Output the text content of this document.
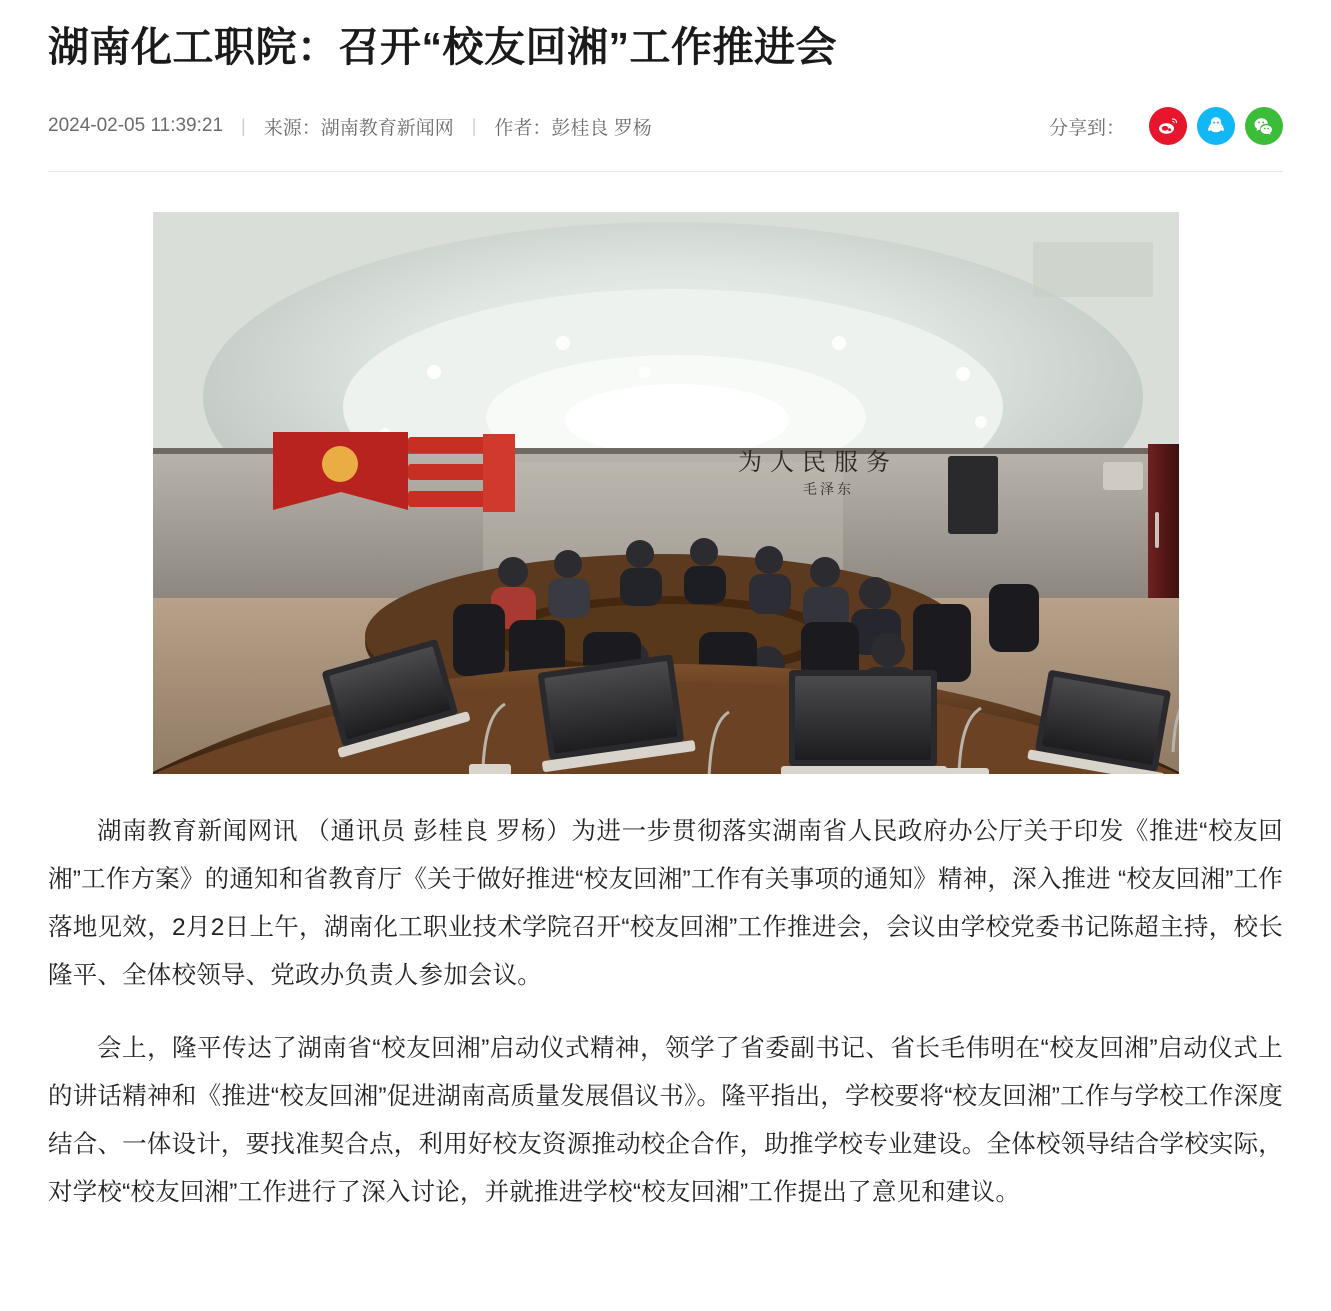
湖南化工职院：召开“校友回湘”工作推进会
2024-02-05 11:39:21 | 来源：湖南教育新闻网 | 作者：彭桂良 罗杨	分享到：
为人民服务
毛泽东

湖南教育新闻网讯 （通讯员 彭桂良 罗杨）为进一步贯彻落实湖南省人民政府办公厅关于印发《推进“校友回湘”工作方案》的通知和省教育厅《关于做好推进“校友回湘”工作有关事项的通知》精神，深入推进 “校友回湘”工作落地见效，2月2日上午，湖南化工职业技术学院召开“校友回湘”工作推进会，会议由学校党委书记陈超主持，校长隆平、全体校领导、党政办负责人参加会议。

会上，隆平传达了湖南省“校友回湘”启动仪式精神，领学了省委副书记、省长毛伟明在“校友回湘”启动仪式上的讲话精神和《推进“校友回湘”促进湖南高质量发展倡议书》。隆平指出，学校要将“校友回湘”工作与学校工作深度结合、一体设计，要找准契合点，利用好校友资源推动校企合作，助推学校专业建设。全体校领导结合学校实际，对学校“校友回湘”工作进行了深入讨论，并就推进学校“校友回湘”工作提出了意见和建议。
